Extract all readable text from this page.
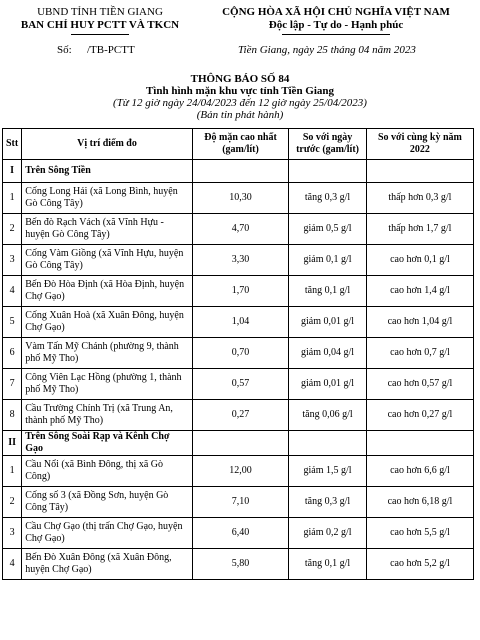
UBND TỈNH TIỀN GIANG
BAN CHỈ HUY PCTT VÀ TKCN
CỘNG HÒA XÃ HỘI CHỦ NGHĨA VIỆT NAM
Độc lập - Tự do - Hạnh phúc
Số: /TB-PCTT	Tiền Giang, ngày 25 tháng 04 năm 2023
THÔNG BÁO SỐ 84
Tình hình mặn khu vực tỉnh Tiền Giang
(Từ 12 giờ ngày 24/04/2023 đến 12 giờ ngày 25/04/2023)
(Bản tin phát hành)
Stt	Vị trí điểm đo	Độ mặn cao nhất (gam/lít)	So với ngày trước (gam/lít)	So với cùng kỳ năm 2022
I	Trên Sông Tiền			
1	Cống Long Hải (xã Long Bình, huyện Gò Công Tây)	10,30	tăng 0,3 g/l	thấp hơn 0,3 g/l
2	Bến đò Rạch Vách (xã Vĩnh Hựu - huyện Gò Công Tây)	4,70	giảm 0,5 g/l	thấp hơn 1,7 g/l
3	Cống Vàm Giồng (xã Vĩnh Hựu, huyện Gò Công Tây)	3,30	giảm 0,1 g/l	cao hơn 0,1 g/l
4	Bến Đò Hòa Định (xã Hòa Định, huyện Chợ Gạo)	1,70	tăng 0,1 g/l	cao hơn 1,4 g/l
5	Cống Xuân Hoà (xã Xuân Đông, huyện Chợ Gạo)	1,04	giảm 0,01 g/l	cao hơn 1,04 g/l
6	Vàm Tấn Mỹ Chánh (phường 9, thành phố Mỹ Tho)	0,70	giảm 0,04 g/l	cao hơn 0,7 g/l
7	Công Viên Lạc Hồng (phường 1, thành phố Mỹ Tho)	0,57	giảm 0,01 g/l	cao hơn 0,57 g/l
8	Cầu Trường Chính Trị (xã Trung An, thành phố Mỹ Tho)	0,27	tăng 0,06 g/l	cao hơn 0,27 g/l
II	Trên Sông Soài Rạp và Kênh Chợ Gạo			
1	Cầu Nổi (xã Bình Đông, thị xã Gò Công)	12,00	giảm 1,5 g/l	cao hơn 6,6 g/l
2	Cống số 3 (xã Đồng Sơn, huyện Gò Công Tây)	7,10	tăng 0,3 g/l	cao hơn 6,18 g/l
3	Cầu Chợ Gạo (thị trấn Chợ Gạo, huyện Chợ Gạo)	6,40	giảm 0,2 g/l	cao hơn 5,5 g/l
4	Bến Đò Xuân Đông (xã Xuân Đông, huyện Chợ Gạo)	5,80	tăng 0,1 g/l	cao hơn 5,2 g/l
